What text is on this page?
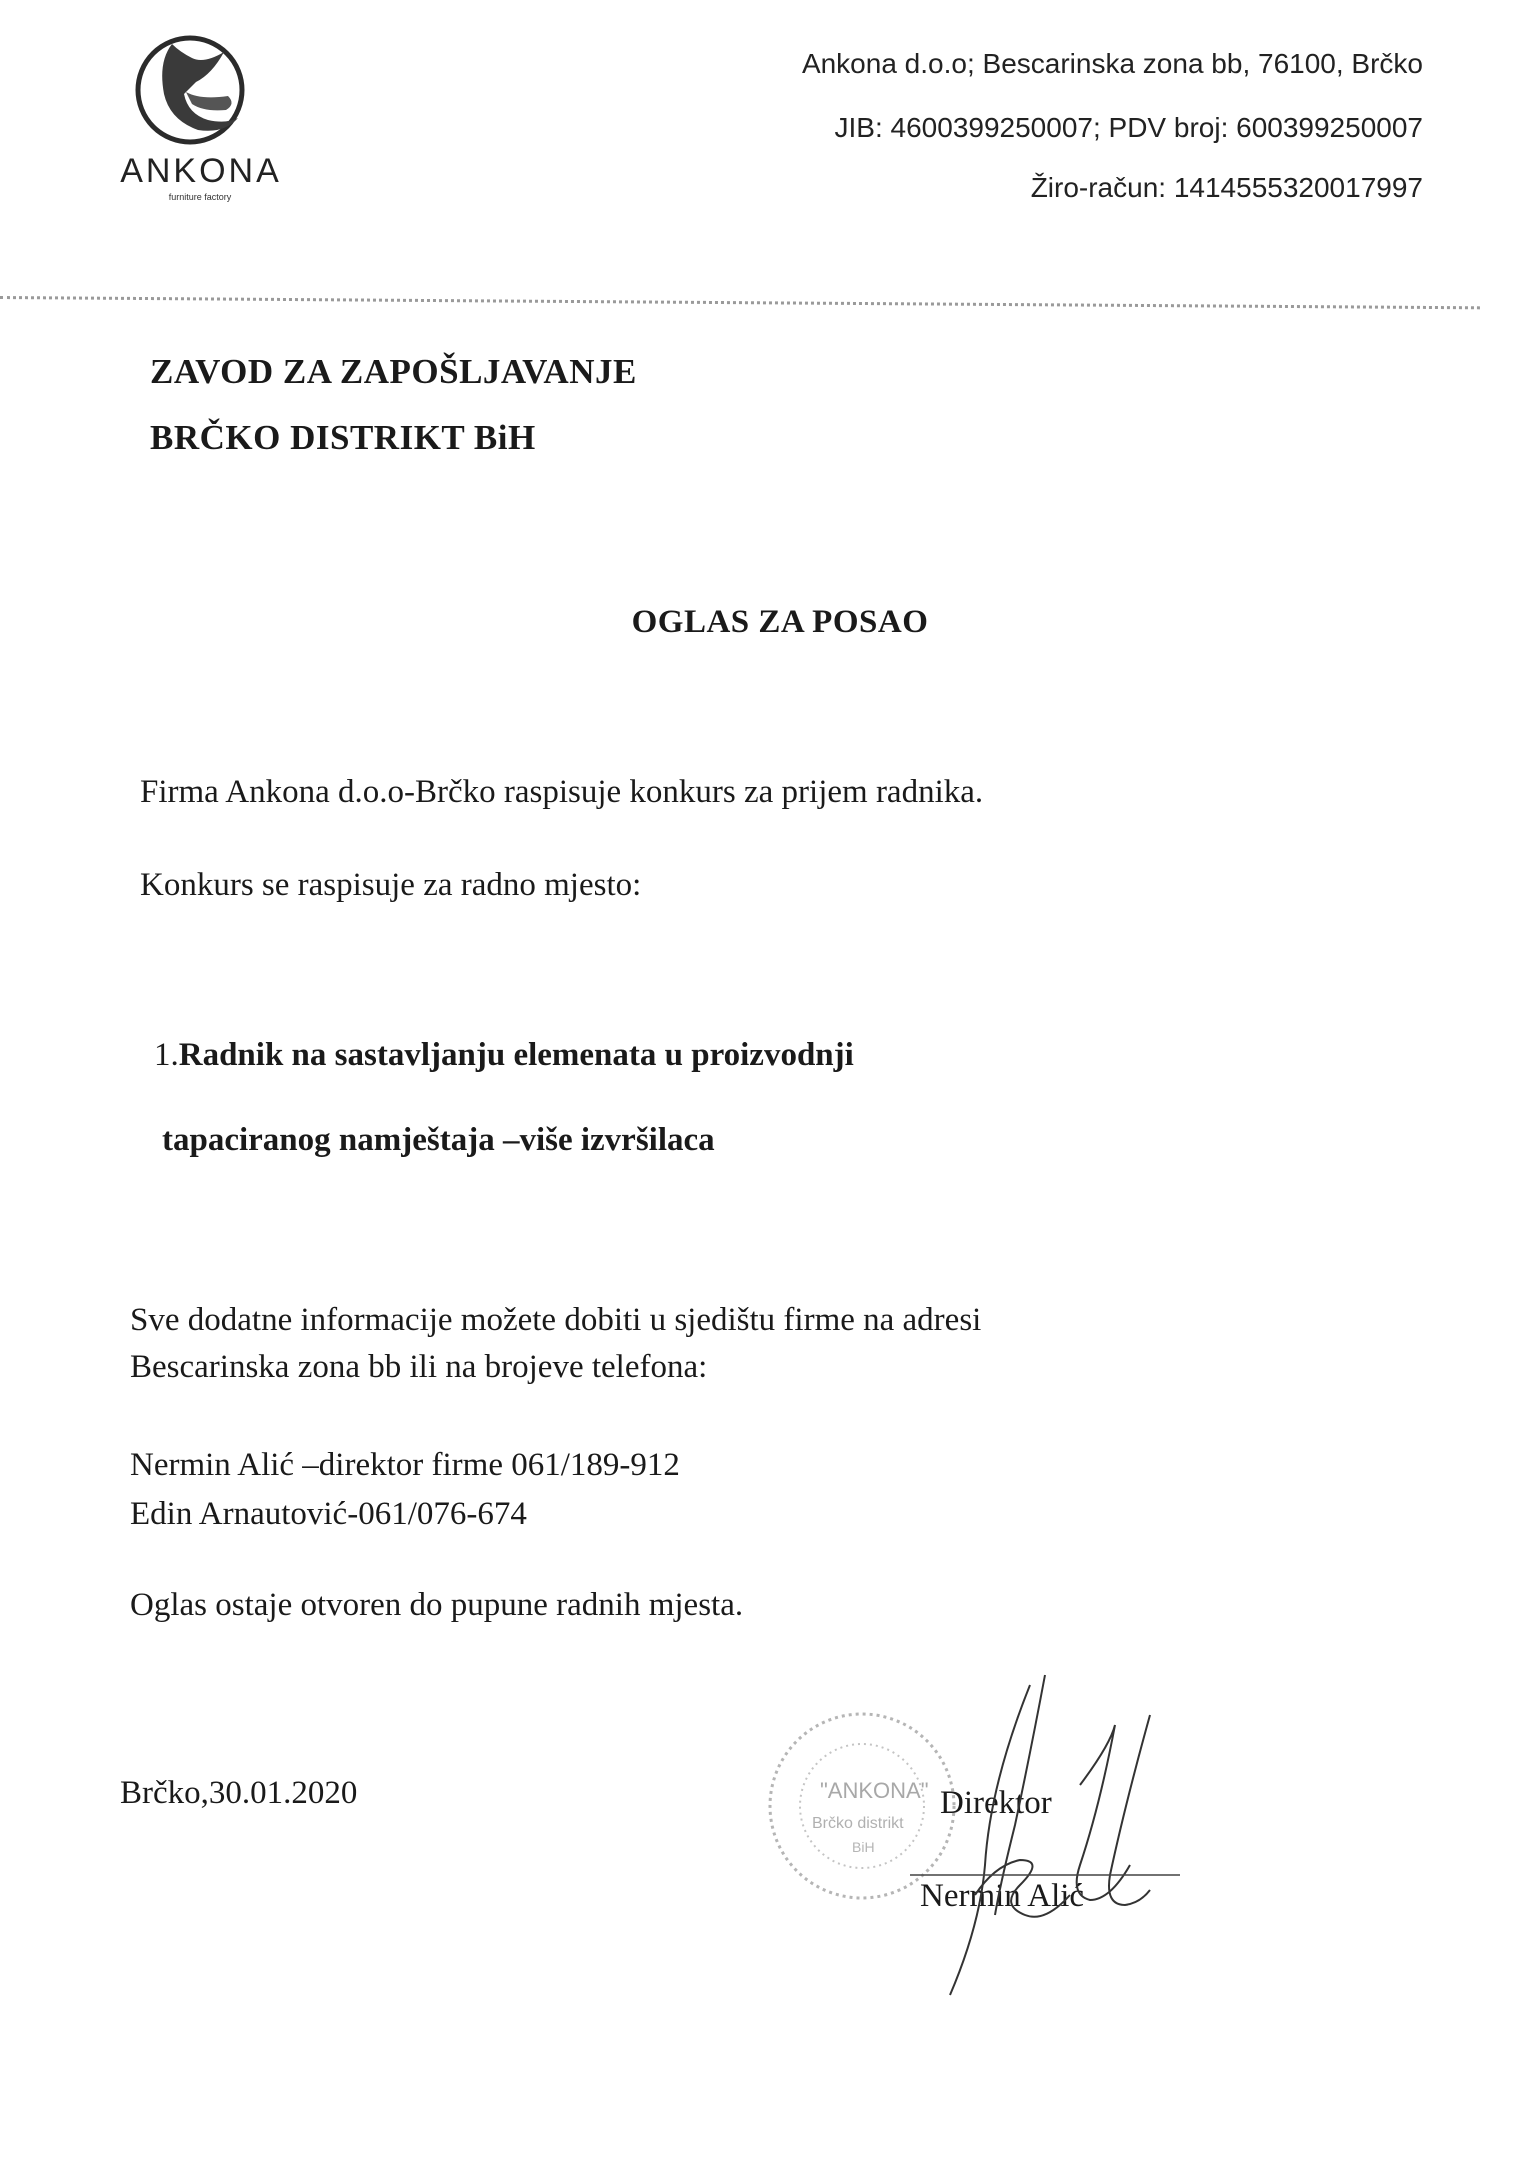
ANKONA
furniture factory
Ankona d.o.o; Bescarinska zona bb, 76100, Brčko
JIB: 4600399250007; PDV broj: 600399250007
Žiro-račun: 1414555320017997
ZAVOD ZA ZAPOŠLJAVANJE
BRČKO DISTRIKT BiH
OGLAS ZA POSAO
Firma Ankona d.o.o-Brčko raspisuje konkurs za prijem radnika.
Konkurs se raspisuje za radno mjesto:
1.Radnik na sastavljanju elemenata u proizvodnji
tapaciranog namještaja –više izvršilaca
Sve dodatne informacije možete dobiti u sjedištu firme na adresi
Bescarinska zona bb ili na brojeve telefona:
Nermin Alić –direktor firme 061/189-912
Edin Arnautović-061/076-674
Oglas ostaje otvoren do pupune radnih mjesta.
Brčko,30.01.2020	"ANKONA"
Brčko distrikt
BiH
Direktor
Nermin Alić
